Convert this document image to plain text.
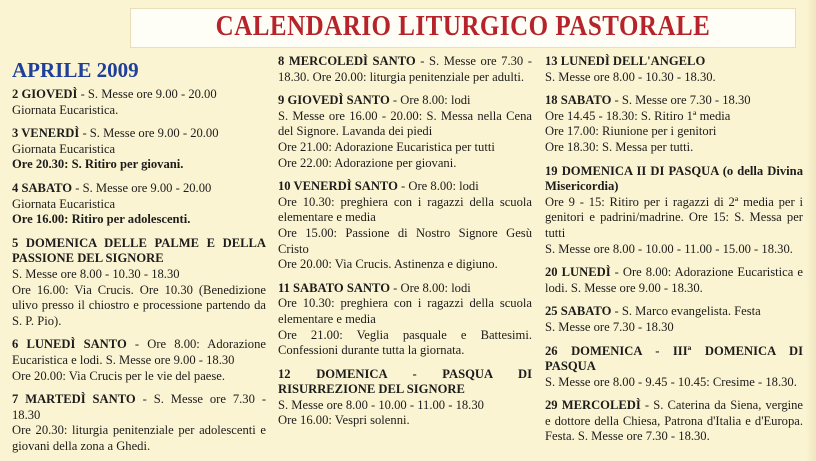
CALENDARIO LITURGICO PASTORALE
APRILE 2009
2 GIOVEDÌ - S. Messe ore 9.00 - 20.00
Giornata Eucaristica.
3 VENERDÌ - S. Messe ore 9.00 - 20.00
Giornata Eucaristica
Ore 20.30: S. Ritiro per giovani.
4 SABATO - S. Messe ore 9.00 - 20.00
Giornata Eucaristica
Ore 16.00: Ritiro per adolescenti.
5 DOMENICA DELLE PALME E DELLA PASSIONE DEL SIGNORE
S. Messe ore 8.00 - 10.30 - 18.30
Ore 16.00: Via Crucis. Ore 10.30 (Benedizione ulivo presso il chiostro e processione partendo da S. P. Pio).
6 LUNEDÌ SANTO - Ore 8.00: Adorazione Eucaristica e lodi. S. Messe ore 9.00 - 18.30
Ore 20.00: Via Crucis per le vie del paese.
7 MARTEDÌ SANTO - S. Messe ore 7.30 - 18.30
Ore 20.30: liturgia penitenziale per adolescenti e giovani della zona a Ghedi.
8 MERCOLEDÌ SANTO - S. Messe ore 7.30 - 18.30. Ore 20.00: liturgia penitenziale per adulti.
9 GIOVEDÌ SANTO - Ore 8.00: lodi
S. Messe ore 16.00 - 20.00: S. Messa nella Cena del Signore. Lavanda dei piedi
Ore 21.00: Adorazione Eucaristica per tutti
Ore 22.00: Adorazione per giovani.
10 VENERDÌ SANTO - Ore 8.00: lodi
Ore 10.30: preghiera con i ragazzi della scuola elementare e media
Ore 15.00: Passione di Nostro Signore Gesù Cristo
Ore 20.00: Via Crucis. Astinenza e digiuno.
11 SABATO SANTO - Ore 8.00: lodi
Ore 10.30: preghiera con i ragazzi della scuola elementare e media
Ore 21.00: Veglia pasquale e Battesimi. Confessioni durante tutta la giornata.
12 DOMENICA - PASQUA DI RISURREZIONE DEL SIGNORE
S. Messe ore 8.00 - 10.00 - 11.00 - 18.30
Ore 16.00: Vespri solenni.
13 LUNEDÌ DELL'ANGELO
S. Messe ore 8.00 - 10.30 - 18.30.
18 SABATO - S. Messe ore 7.30 - 18.30
Ore 14.45 - 18.30: S. Ritiro 1ª media
Ore 17.00: Riunione per i genitori
Ore 18.30: S. Messa per tutti.
19 DOMENICA II DI PASQUA (o della Divina Misericordia)
Ore 9 - 15: Ritiro per i ragazzi di 2ª media per i genitori e padrini/madrine. Ore 15: S. Messa per tutti
S. Messe ore 8.00 - 10.00 - 11.00 - 15.00 - 18.30.
20 LUNEDÌ - Ore 8.00: Adorazione Eucaristica e lodi. S. Messe ore 9.00 - 18.30.
25 SABATO - S. Marco evangelista. Festa
S. Messe ore 7.30 - 18.30
26 DOMENICA - IIIª DOMENICA DI PASQUA
S. Messe ore 8.00 - 9.45 - 10.45: Cresime - 18.30.
29 MERCOLEDÌ - S. Caterina da Siena, vergine e dottore della Chiesa, Patrona d'Italia e d'Europa. Festa. S. Messe ore 7.30 - 18.30.
